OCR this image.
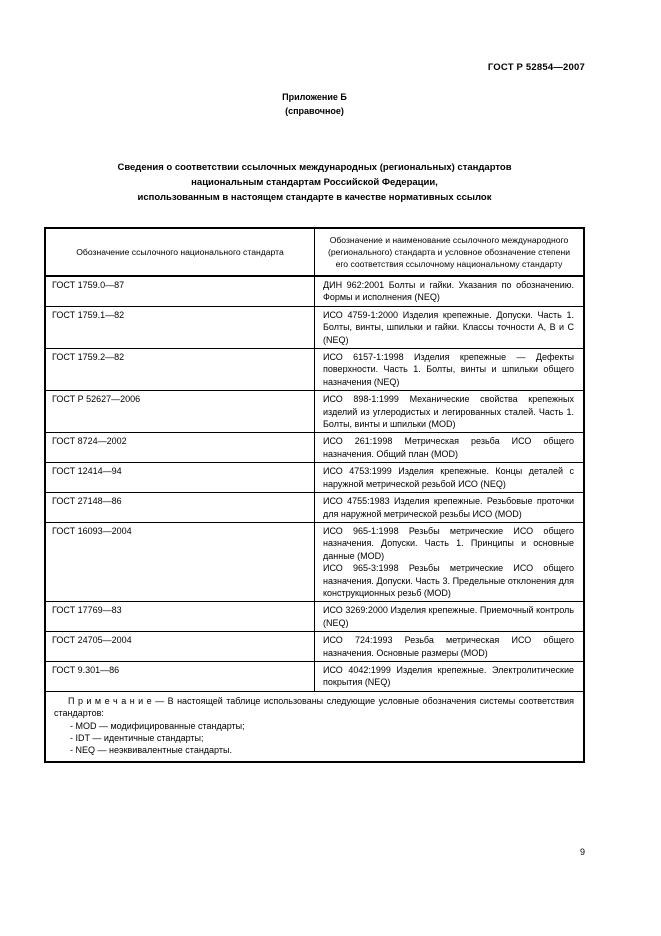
ГОСТ Р 52854—2007
Приложение Б
(справочное)
Сведения о соответствии ссылочных международных (региональных) стандартов
национальным стандартам Российской Федерации,
использованным в настоящем стандарте в качестве нормативных ссылок
Обозначение ссылочного национального стандарта	Обозначение и наименование ссылочного международного (регионального) стандарта и условное обозначение степени его соответствия ссылочному национальному стандарту
ГОСТ 1759.0—87	ДИН 962:2001 Болты и гайки. Указания по обозначению. Формы и исполнения (NEQ)

ГОСТ 1759.1—82	ИСО 4759-1:2000 Изделия крепежные. Допуски. Часть 1. Болты, винты, шпильки и гайки. Классы точности А, В и С (NEQ)

ГОСТ 1759.2—82	ИСО 6157-1:1998 Изделия крепежные — Дефекты поверхности. Часть 1. Болты, винты и шпильки общего назначения (NEQ)

ГОСТ Р 52627—2006	ИСО 898-1:1999 Механические свойства крепежных изделий из углеродистых и легированных сталей. Часть 1. Болты, винты и шпильки (MOD)

ГОСТ 8724—2002	ИСО 261:1998 Метрическая резьба ИСО общего назначения. Общий план (MOD)

ГОСТ 12414—94	ИСО 4753:1999 Изделия крепежные. Концы деталей с наружной метрической резьбой ИСО (NEQ)

ГОСТ 27148—86	ИСО 4755:1983 Изделия крепежные. Резьбовые проточки для наружной метрической резьбы ИСО (MOD)

ГОСТ 16093—2004	ИСО 965-1:1998 Резьбы метрические ИСО общего назначения. Допуски. Часть 1. Принципы и основные данные (MOD)
ИСО 965-3:1998 Резьбы метрические ИСО общего назначения. Допуски. Часть 3. Предельные отклонения для конструкционных резьб (MOD)

ГОСТ 17769—83	ИСО 3269:2000 Изделия крепежные. Приемочный контроль (NEQ)

ГОСТ 24705—2004	ИСО 724:1993 Резьба метрическая ИСО общего назначения. Основные размеры (MOD)

ГОСТ 9.301—86	ИСО 4042:1999 Изделия крепежные. Электролитические покрытия (NEQ)

П р и м е ч а н и е — В настоящей таблице использованы следующие условные обозначения системы соответствия стандартов:
- MOD — модифицированные стандарты;
- IDT — идентичные стандарты;
- NEQ — неэквивалентные стандарты.	
9
